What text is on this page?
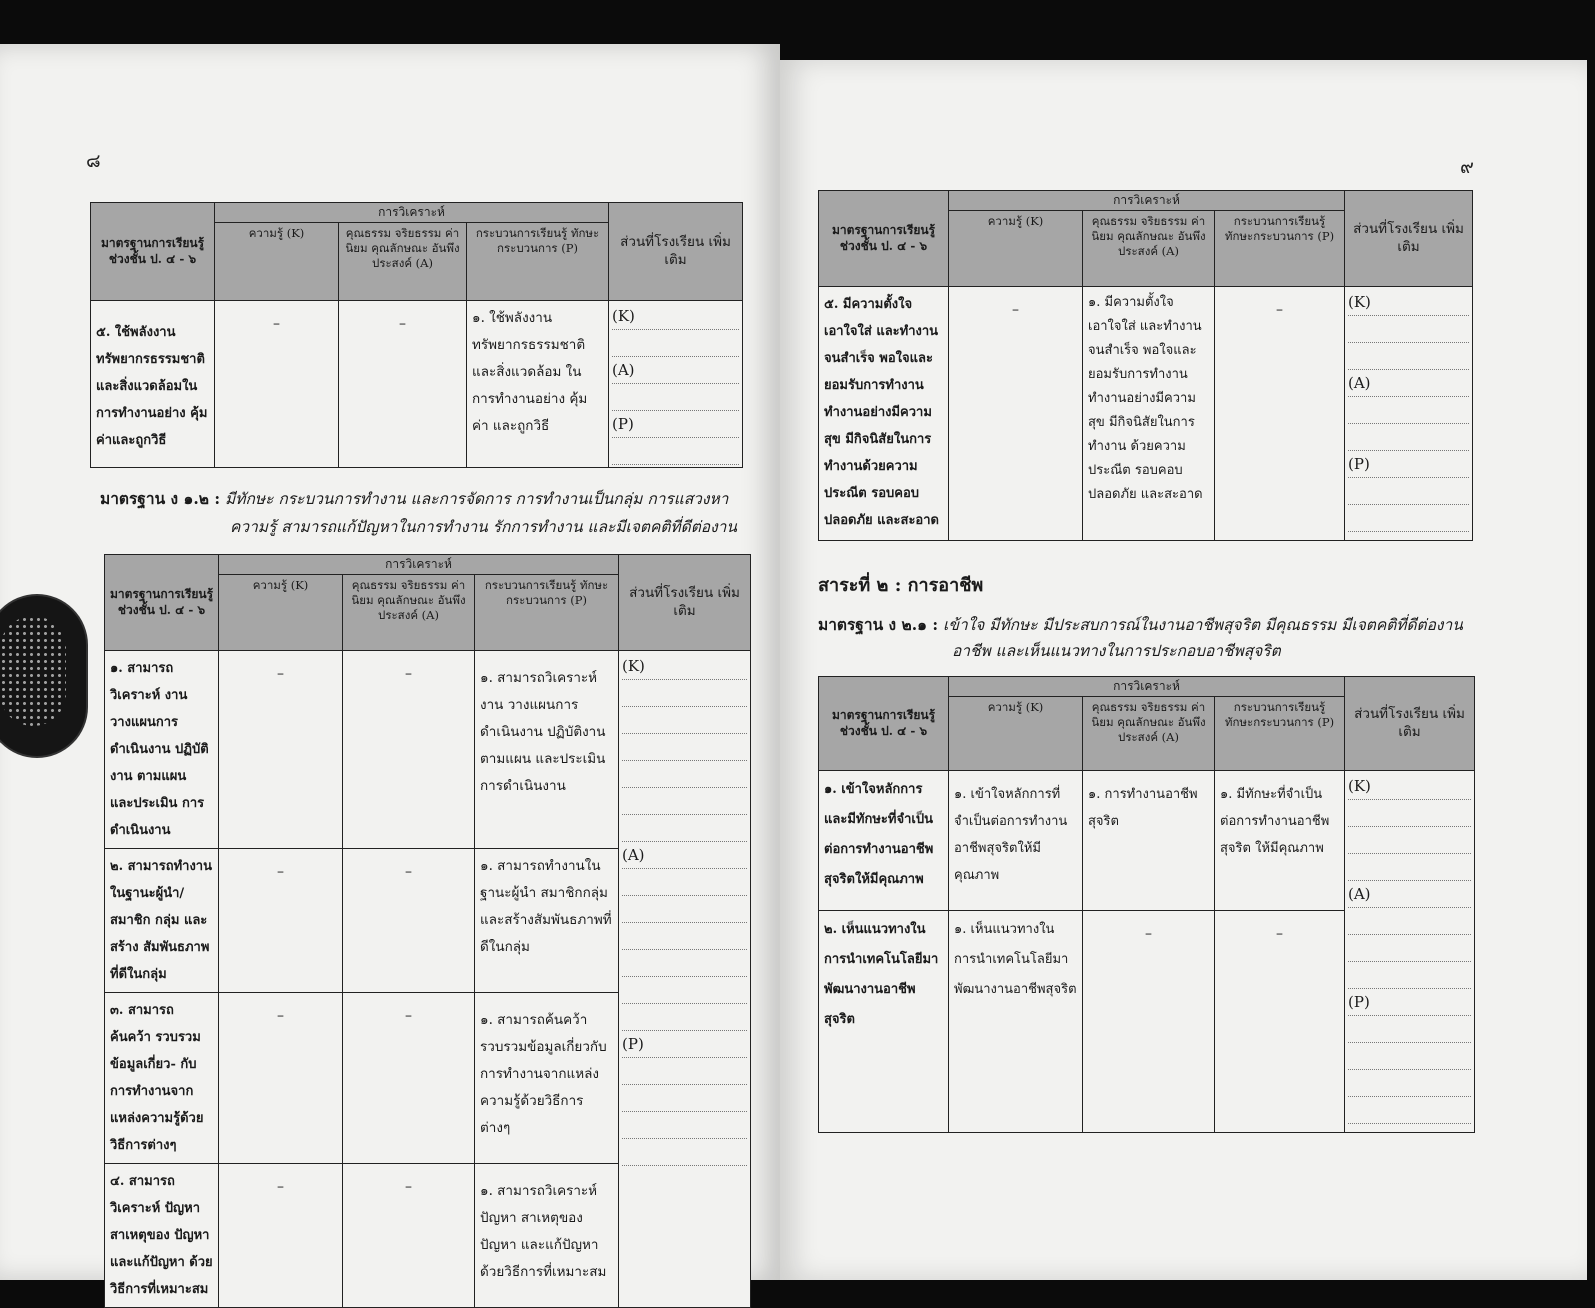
๘
มาตรฐานการเรียนรู้ ช่วงชั้น ป. ๔ - ๖	การวิเคราะห์			ส่วนที่โรงเรียน เพิ่มเติม
	ความรู้ (K)	คุณธรรม จริยธรรม ค่านิยม คุณลักษณะ อันพึงประสงค์ (A)	กระบวนการเรียนรู้ ทักษะกระบวนการ (P)	
๕. ใช้พลังงาน ทรัพยากรธรรมชาติ และสิ่งแวดล้อมใน การทำงานอย่าง คุ้มค่าและถูกวิธี	–	–	๑. ใช้พลังงาน ทรัพยากรธรรมชาติ และสิ่งแวดล้อม ในการทำงานอย่าง คุ้มค่า และถูกวิธี	(K)
(A)
(P)
มาตรฐาน ง ๑.๒ : มีทักษะ กระบวนการทำงาน และการจัดการ การทำงานเป็นกลุ่ม การแสวงหา
ความรู้ สามารถแก้ปัญหาในการทำงาน รักการทำงาน และมีเจตคติที่ดีต่องาน
มาตรฐานการเรียนรู้ ช่วงชั้น ป. ๔ - ๖	การวิเคราะห์			ส่วนที่โรงเรียน เพิ่มเติม
	ความรู้ (K)	คุณธรรม จริยธรรม ค่านิยม คุณลักษณะ อันพึงประสงค์ (A)	กระบวนการเรียนรู้ ทักษะกระบวนการ (P)	
๑. สามารถวิเคราะห์ งาน วางแผนการ ดำเนินงาน ปฏิบัติงาน ตามแผน และประเมิน การดำเนินงาน	–	–	๑. สามารถวิเคราะห์ งาน วางแผนการ ดำเนินงาน ปฏิบัติงาน ตามแผน และประเมิน การดำเนินงาน	(K)
(A)
(P)

๒. สามารถทำงาน ในฐานะผู้นำ/สมาชิก กลุ่ม และสร้าง สัมพันธภาพที่ดีในกลุ่ม	–	–	๑. สามารถทำงานใน ฐานะผู้นำ สมาชิกกลุ่ม และสร้างสัมพันธภาพที่ ดีในกลุ่ม	
๓. สามารถค้นคว้า รวบรวมข้อมูลเกี่ยว- กับการทำงานจาก แหล่งความรู้ด้วย วิธีการต่างๆ	–	–	๑. สามารถค้นคว้า รวบรวมข้อมูลเกี่ยวกับ การทำงานจากแหล่ง ความรู้ด้วยวิธีการต่างๆ	
๔. สามารถวิเคราะห์ ปัญหา สาเหตุของ ปัญหา และแก้ปัญหา ด้วยวิธีการที่เหมาะสม	–	–	๑. สามารถวิเคราะห์ ปัญหา สาเหตุของ ปัญหา และแก้ปัญหา ด้วยวิธีการที่เหมาะสม	
๙
มาตรฐานการเรียนรู้ ช่วงชั้น ป. ๔ - ๖	การวิเคราะห์			ส่วนที่โรงเรียน เพิ่มเติม
	ความรู้ (K)	คุณธรรม จริยธรรม ค่านิยม คุณลักษณะ อันพึงประสงค์ (A)	กระบวนการเรียนรู้ ทักษะกระบวนการ (P)	
๕. มีความตั้งใจ เอาใจใส่ และทำงาน จนสำเร็จ พอใจและ ยอมรับการทำงาน ทำงานอย่างมีความ สุข มีกิจนิสัยในการ ทำงานด้วยความ ประณีต รอบคอบ ปลอดภัย และสะอาด	–	๑. มีความตั้งใจ เอาใจใส่ และทำงาน จนสำเร็จ พอใจและ ยอมรับการทำงาน ทำงานอย่างมีความสุข มีกิจนิสัยในการทำงาน ด้วยความประณีต รอบคอบ ปลอดภัย และสะอาด	–	(K)
(A)
(P)
สาระที่ ๒ : การอาชีพ
มาตรฐาน ง ๒.๑ : เข้าใจ มีทักษะ มีประสบการณ์ในงานอาชีพสุจริต มีคุณธรรม มีเจตคติที่ดีต่องาน
อาชีพ และเห็นแนวทางในการประกอบอาชีพสุจริต
มาตรฐานการเรียนรู้ ช่วงชั้น ป. ๔ - ๖	การวิเคราะห์			ส่วนที่โรงเรียน เพิ่มเติม
	ความรู้ (K)	คุณธรรม จริยธรรม ค่านิยม คุณลักษณะ อันพึงประสงค์ (A)	กระบวนการเรียนรู้ ทักษะกระบวนการ (P)	
๑. เข้าใจหลักการ และมีทักษะที่จำเป็น ต่อการทำงานอาชีพ สุจริตให้มีคุณภาพ	๑. เข้าใจหลักการที่ จำเป็นต่อการทำงาน อาชีพสุจริตให้มีคุณภาพ	๑. การทำงานอาชีพ สุจริต	๑. มีทักษะที่จำเป็น ต่อการทำงานอาชีพ สุจริต ให้มีคุณภาพ	(K)
(A)
(P)

๒. เห็นแนวทางใน การนำเทคโนโลยีมา พัฒนางานอาชีพ สุจริต	๑. เห็นแนวทางใน การนำเทคโนโลยีมา พัฒนางานอาชีพสุจริต	–	–	
